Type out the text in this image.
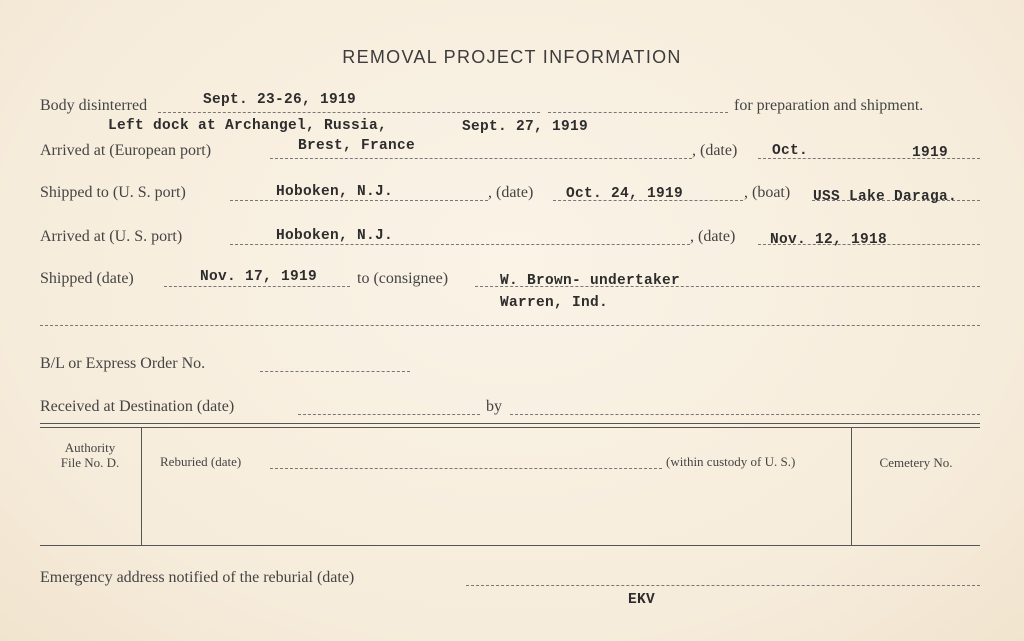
REMOVAL PROJECT INFORMATION
Body disinterred	Sept. 23-26, 1919	for preparation and shipment.
Left dock at Archangel, Russia,	Sept. 27, 1919
Arrived at (European port)	Brest, France	, (date) Oct.	1919
Shipped to (U. S. port)	Hoboken, N.J.	, (date) Oct. 24, 1919	, (boat) USS Lake Daraga.
Arrived at (U. S. port)	Hoboken, N.J.	, (date) Nov. 12, 1918
Shipped (date)	Nov. 17, 1919 to (consignee)	W. Brown- undertaker
Warren, Ind.
B/L or Express Order No.
Received at Destination (date)	by
Authority
File No. D.	Reburied (date)	(within custody of U. S.)	Cemetery No.
Emergency address notified of the reburial (date)
EKV
